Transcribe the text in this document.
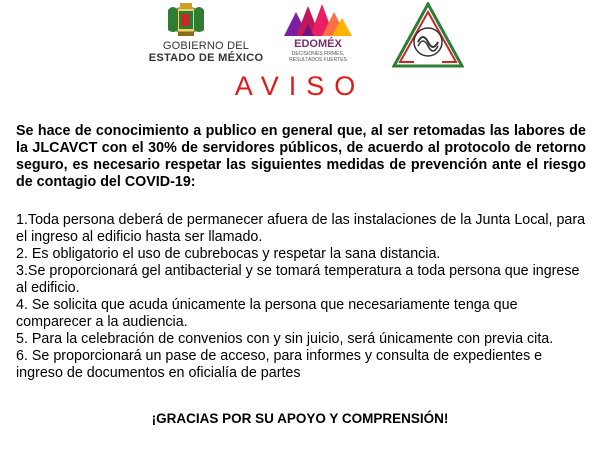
GOBIERNO DEL
ESTADO DE MÉXICO
EDOMÉX
DECISIONES FIRMES, RESULTADOS FUERTES
AVISO

Se hace de conocimiento a publico en general que, al ser retomadas las labores de la JLCAVCT con el 30% de servidores públicos, de acuerdo al protocolo de retorno seguro, es necesario respetar las siguientes medidas de prevención ante el riesgo de contagio del COVID-19:

1.Toda persona deberá de permanecer afuera de las instalaciones de la Junta Local, para el ingreso al edificio hasta ser llamado.
2. Es obligatorio el uso de cubrebocas y respetar la sana distancia.
3.Se proporcionará gel antibacterial y se tomará temperatura a toda persona que ingrese al edificio.
4. Se solicita que acuda únicamente la persona que necesariamente tenga que comparecer a la audiencia.
5. Para la celebración de convenios con y sin juicio, será únicamente con previa cita.
6. Se proporcionará un pase de acceso, para informes y consulta de expedientes e ingreso de documentos en oficialía de partes
¡GRACIAS POR SU APOYO Y COMPRENSIÓN!
